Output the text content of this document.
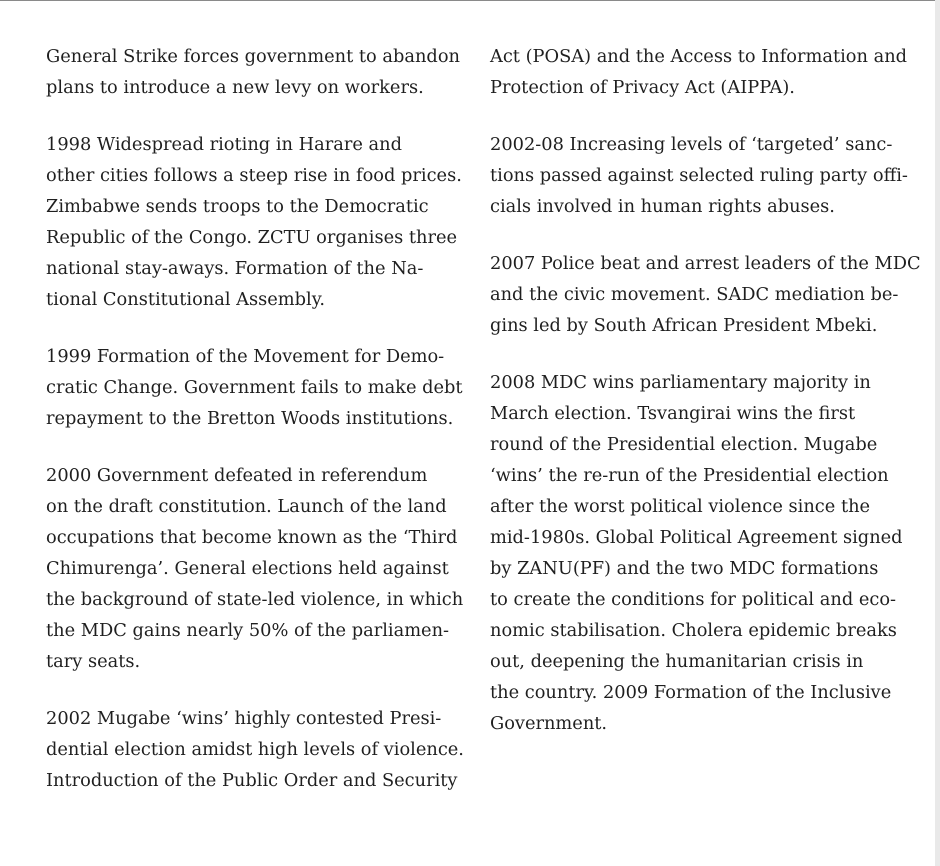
General Strike forces government to abandon
plans to introduce a new levy on workers.

1998 Widespread rioting in Harare and
other cities follows a steep rise in food prices.
Zimbabwe sends troops to the Democratic
Republic of the Congo. ZCTU organises three
national stay-aways. Formation of the Na-
tional Constitutional Assembly.

1999 Formation of the Movement for Demo-
cratic Change. Government fails to make debt
repayment to the Bretton Woods institutions.

2000 Government defeated in referendum
on the draft constitution. Launch of the land
occupations that become known as the ‘Third
Chimurenga’. General elections held against
the background of state-led violence, in which
the MDC gains nearly 50% of the parliamen-
tary seats.

2002 Mugabe ‘wins’ highly contested Presi-
dential election amidst high levels of violence.
Introduction of the Public Order and Security

Act (POSA) and the Access to Information and
Protection of Privacy Act (AIPPA).

2002-08 Increasing levels of ‘targeted’ sanc-
tions passed against selected ruling party offi-
cials involved in human rights abuses.

2007 Police beat and arrest leaders of the MDC
and the civic movement. SADC mediation be-
gins led by South African President Mbeki.

2008 MDC wins parliamentary majority in
March election. Tsvangirai wins the first
round of the Presidential election. Mugabe
‘wins’ the re-run of the Presidential election
after the worst political violence since the
mid-1980s. Global Political Agreement signed
by ZANU(PF) and the two MDC formations
to create the conditions for political and eco-
nomic stabilisation. Cholera epidemic breaks
out, deepening the humanitarian crisis in
the country. 2009 Formation of the Inclusive
Government.
